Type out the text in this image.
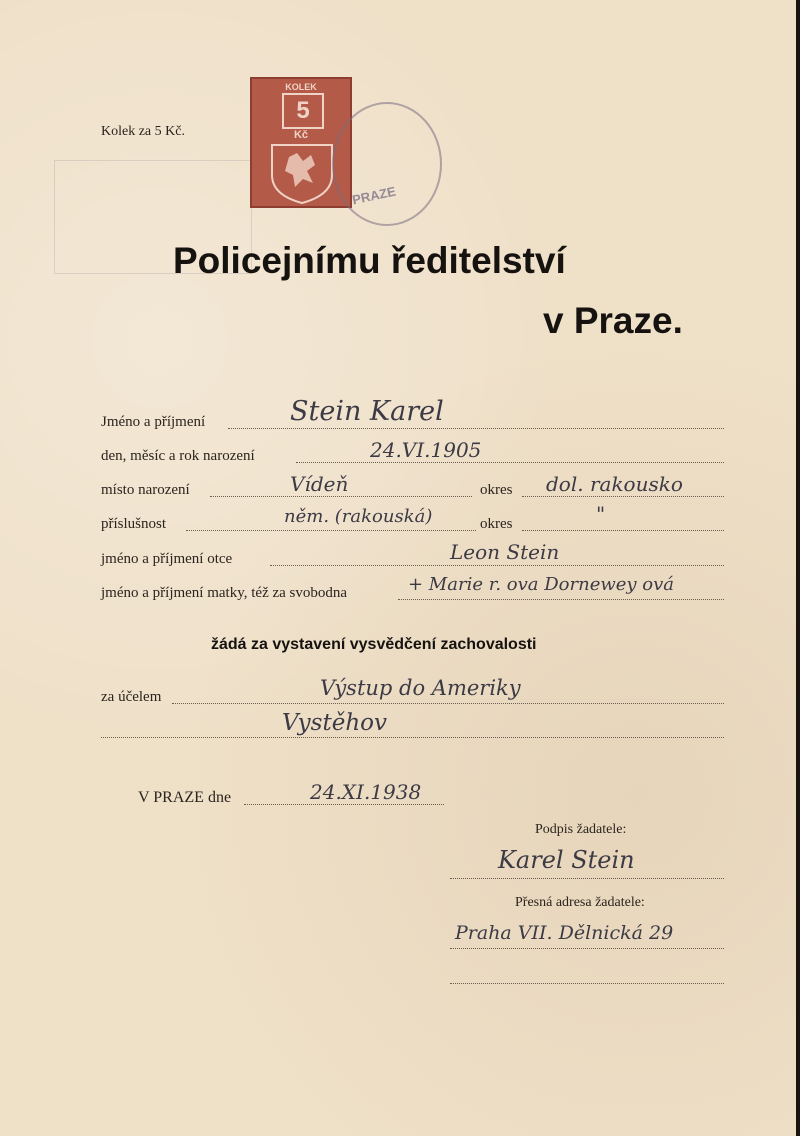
Kolek za 5 Kč.
KOLEK
5
Kč
PRAZE
Policejnímu ředitelství
v Praze.
Jméno a příjmení	Stein Karel
den, měsíc a rok narození	24.VI.1905
místo narození	Vídeň	okres dol. rakousko
příslušnost	něm. (rakouská)	okres	"
jméno a příjmení otce	Leon Stein
jméno a příjmení matky, též za svobodna	+ Marie r. ova Dornewey ová
žádá za vystavení vysvědčení zachovalosti
za účelem	Výstup do Ameriky
Vystěhov
V PRAZE dne	24.XI.1938
Podpis žadatele:
Karel Stein
Přesná adresa žadatele:
Praha VII. Dělnická 29
